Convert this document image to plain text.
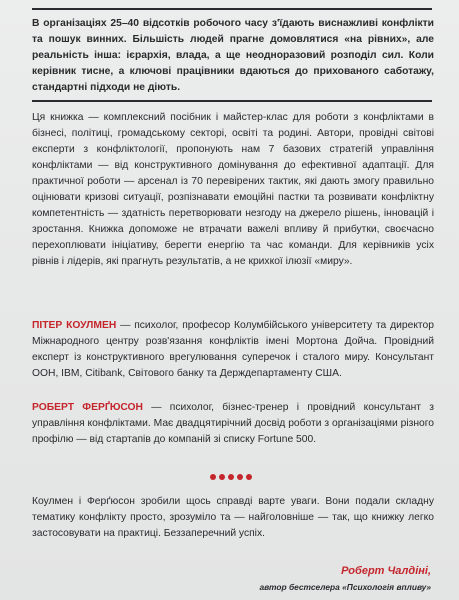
В організаціях 25–40 відсотків робочого часу з'їдають виснажливі конфлікти та пошук винних. Більшість людей прагне домовлятися «на рівних», але реальність інша: ієрархія, влада, а ще неодноразовий розподіл сил. Коли керівник тисне, а ключові працівники вдаються до прихованого саботажу, стандартні підходи не діють.

Ця книжка — комплексний посібник і майстер-клас для роботи з конфліктами в бізнесі, політиці, громадському секторі, освіті та родині. Автори, провідні світові експерти з конфліктології, пропонують нам 7 базових стратегій управління конфліктами — від конструктивного домінування до ефективної адаптації. Для практичної роботи — арсенал із 70 перевірених тактик, які дають змогу правильно оцінювати кризові ситуації, розпізнавати емоційні пастки та розвивати конфліктну компетентність — здатність перетворювати незгоду на джерело рішень, інновацій і зростання. Книжка допоможе не втрачати важелі впливу й прибутки, своєчасно перехоплювати ініціативу, берегти енергію та час команди. Для керівників усіх рівнів і лідерів, які прагнуть результатів, а не крихкої ілюзії «миру».

ПІТЕР КОУЛМЕН — психолог, професор Колумбійського університету та директор Міжнародного центру розв'язання конфліктів імені Мортона Дойча. Провідний експерт із конструктивного врегулювання суперечок і сталого миру. Консультант ООН, IBM, Citibank, Світового банку та Держдепартаменту США.

РОБЕРТ ФЕРҐЮСОН — психолог, бізнес-тренер і провідний консультант з управління конфліктами. Має двадцятирічний досвід роботи з організаціями різного профілю — від стартапів до компаній зі списку Fortune 500.

Коулмен і Ферґюсон зробили щось справді варте уваги. Вони подали складну тематику конфлікту просто, зрозуміло та — найголовніше — так, що книжку легко застосовувати на практиці. Беззаперечний успіх.

Роберт Чалдіні,
автор бестселера «Психологія впливу»
